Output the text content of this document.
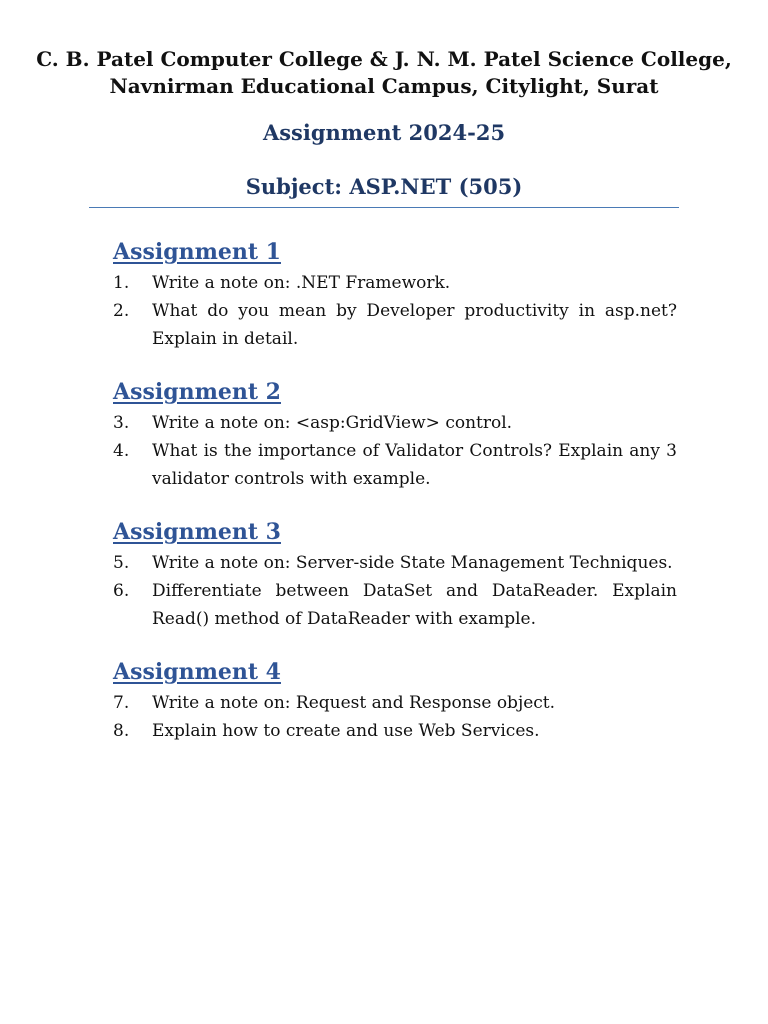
C. B. Patel Computer College & J. N. M. Patel Science College,
Navnirman Educational Campus, Citylight, Surat
Assignment 2024-25
Subject: ASP.NET (505)
Assignment 1
1.	Write a note on: .NET Framework.
2.	What do you mean by Developer productivity in asp.net? Explain in detail.
Assignment 2
3.	Write a note on: <asp:GridView> control.
4.	What is the importance of Validator Controls? Explain any 3 validator controls with example.
Assignment 3
5.	Write a note on: Server-side State Management Techniques.
6.	Differentiate between DataSet and DataReader. Explain Read() method of DataReader with example.
Assignment 4
7.	Write a note on: Request and Response object.
8.	Explain how to create and use Web Services.
